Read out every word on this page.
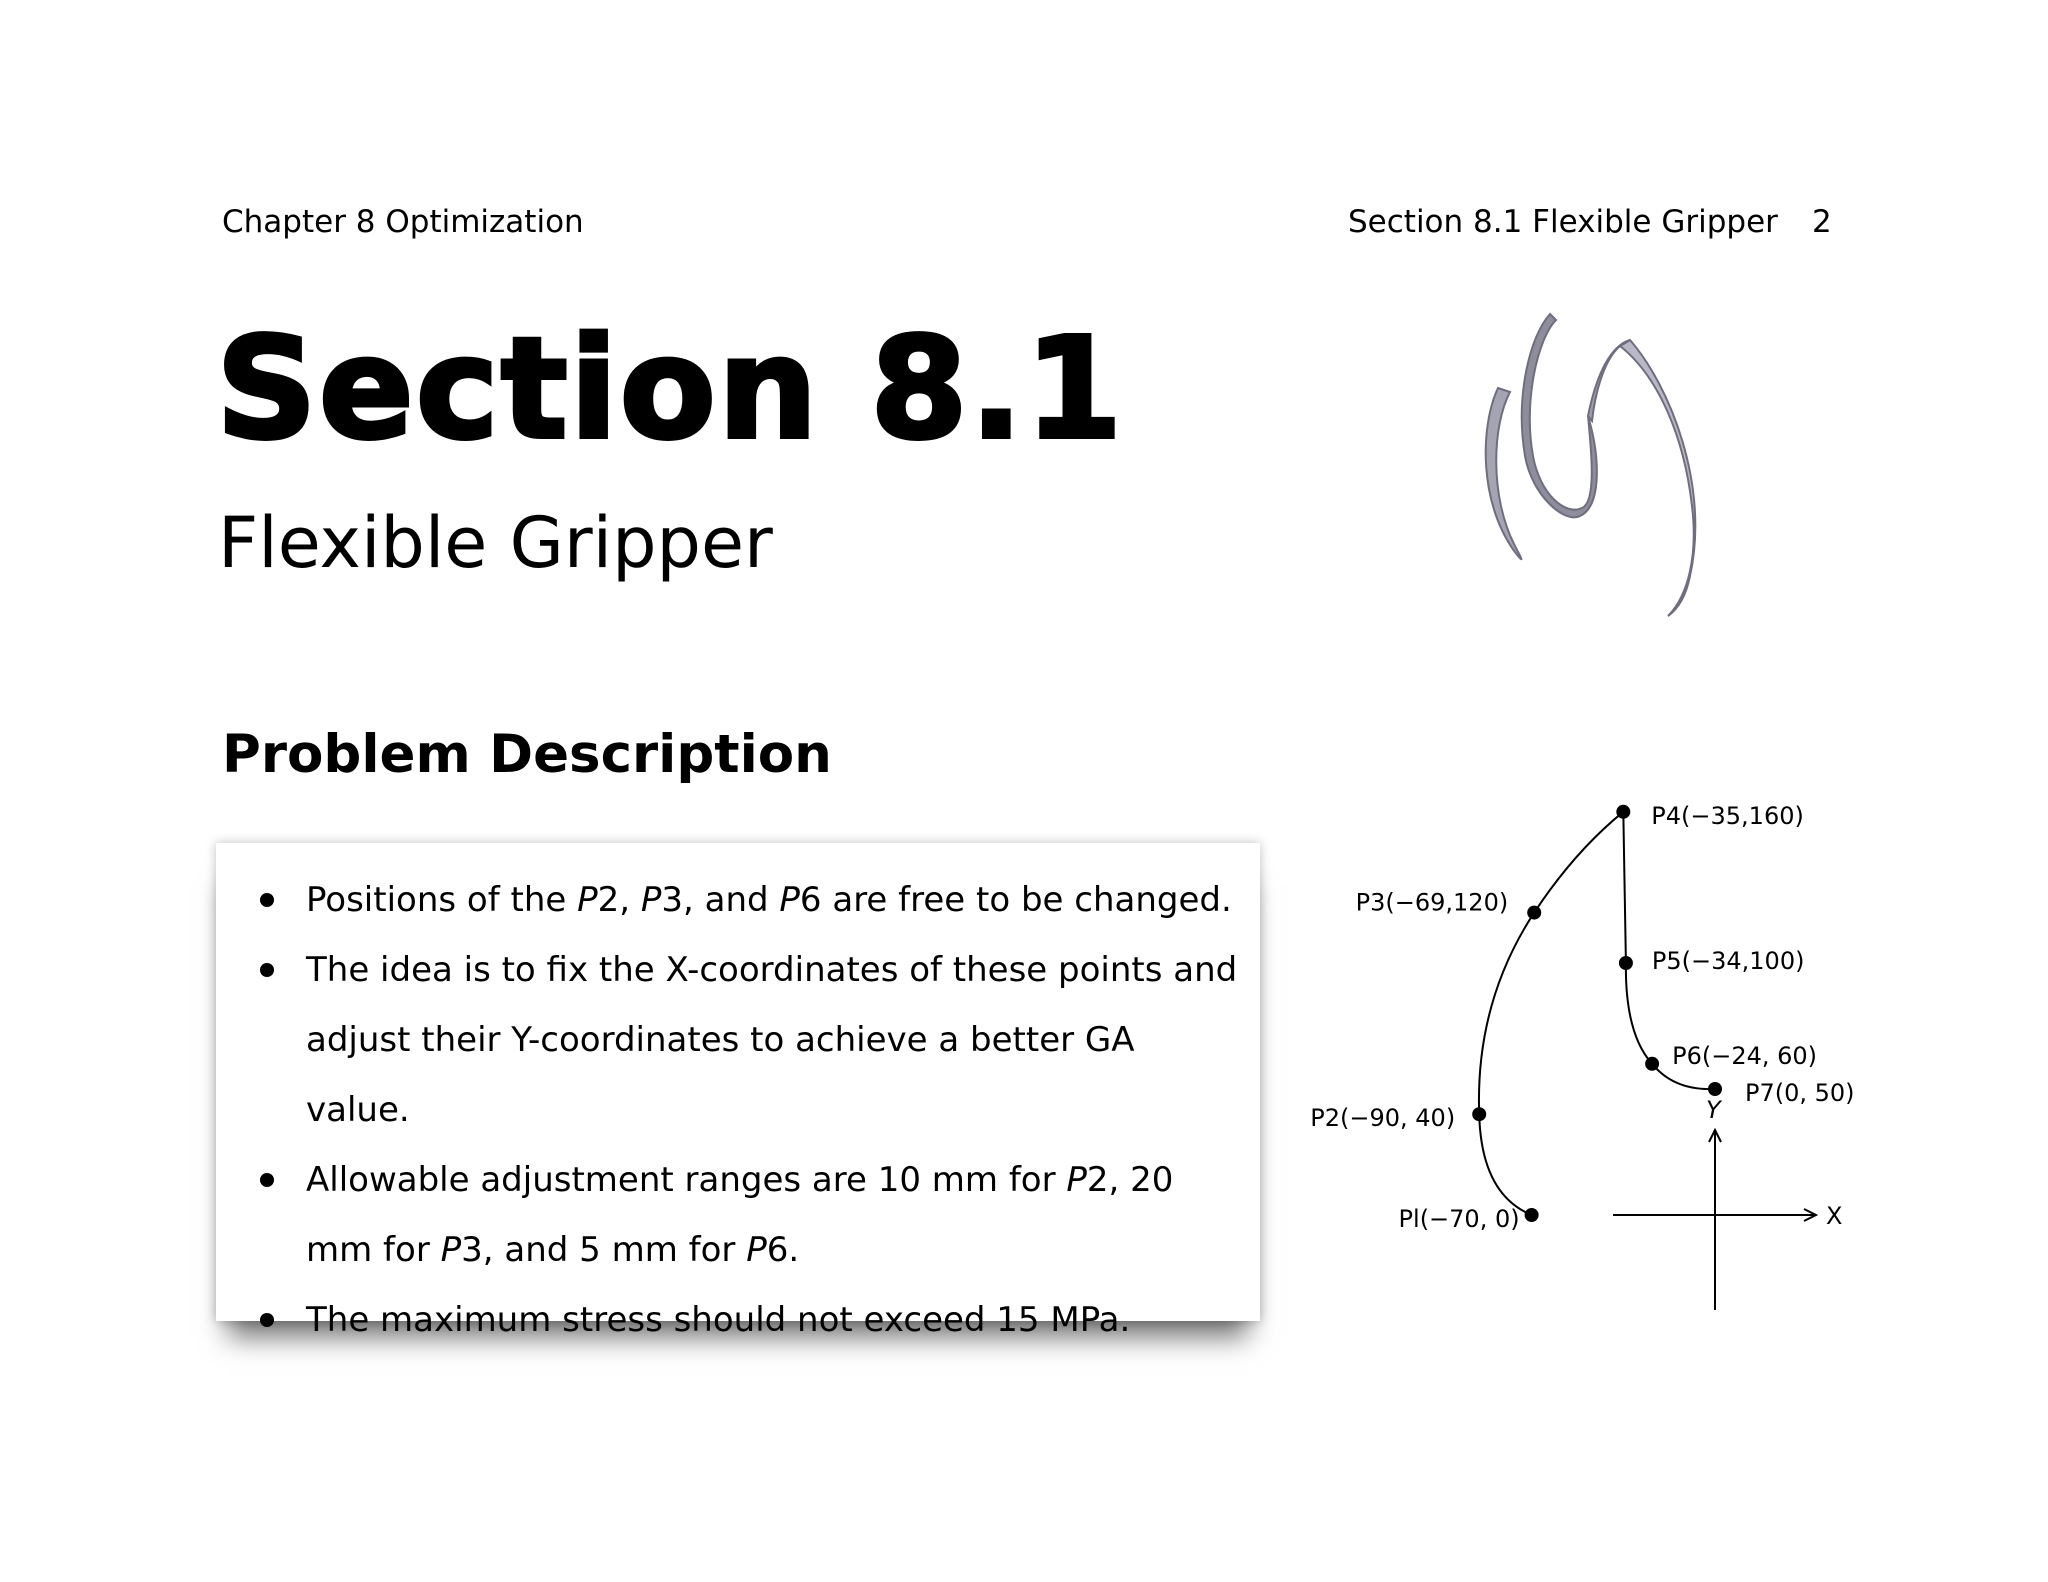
Chapter 8 Optimization	Section 8.1 Flexible Gripper 2
Section 8.1
Flexible Gripper
Problem Description
Positions of the P2, P3, and P6 are free to be changed.
The idea is to fix the X-coordinates of these points and adjust their Y-coordinates to achieve a better GA value.
Allowable adjustment ranges are 10 mm for P2, 20 mm for P3, and 5 mm for P6.
The maximum stress should not exceed 15 MPa.
Pl(−70, 0)
P2(−90, 40)
P3(−69,120)
P4(−35,160)
P5(−34,100)
P6(−24, 60)
P7(0, 50)
X
Y
